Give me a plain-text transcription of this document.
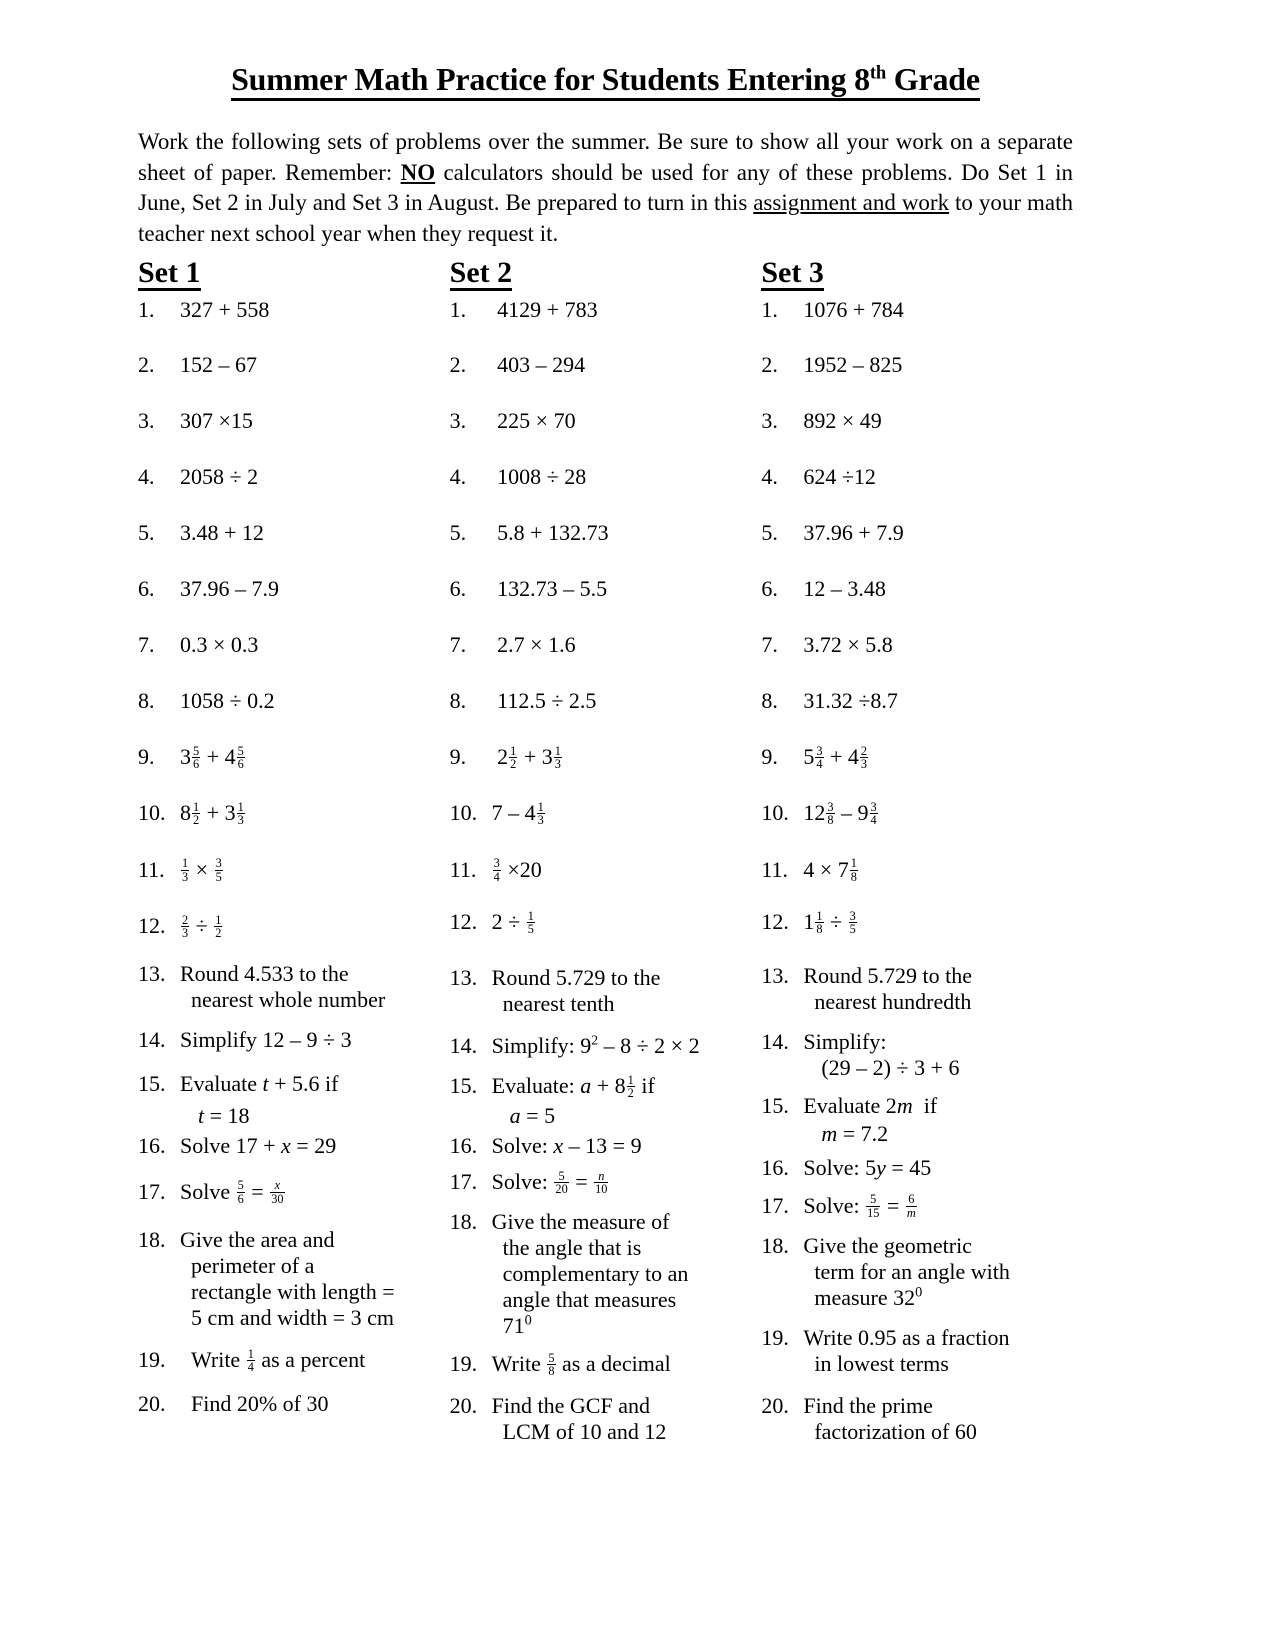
Summer Math Practice for Students Entering 8th Grade

Work the following sets of problems over the summer. Be sure to show all your work on a separate sheet of paper. Remember: NO calculators should be used for any of these problems. Do Set 1 in June, Set 2 in July and Set 3 in August. Be prepared to turn in this assignment and work to your math teacher next school year when they request it.

Set 1
1.	327 + 558
2.	152 – 67
3.	307 ×15
4.	2058 ÷ 2
5.	3.48 + 12
6.	37.96 – 7.9
7.	0.3 × 0.3
8.	1058 ÷ 0.2
9.	$3 \frac{5}{6} + 4 \frac{5}{6}$
10. $8 \frac{1}{2} + 3 \frac{1}{3}$
11.	$\frac{1}{3} \times \frac{3}{5}$
12.	$\frac{2}{3} \div \frac{1}{2}$
13. Round 4.533 to the
nearest whole number
14. Simplify 12 – 9 ÷ 3
15. Evaluate t + 5.6 if
t = 18
16. Solve 17 + x = 29
17. Solve $\frac{5}{6} = \frac{x}{30}$
18. Give the area and
perimeter of a
rectangle with length =
5 cm and width = 3 cm
19. Write $\frac{1}{4}$ as a percent
20. Find 20% of 30
Set 2
1.	4129 + 783
2.	403 – 294
3.	225 × 70
4.	1008 ÷ 28
5.	5.8 + 132.73
6.	132.73 – 5.5
7.	2.7 × 1.6
8.	112.5 ÷ 2.5
9.	$2 \frac{1}{2} + 3 \frac{1}{3}$
10. $7 - 4 \frac{1}{3}$
11.	$\frac{3}{4} \times 20$
12. $2 \div \frac{1}{5}$
13. Round 5.729 to the
nearest tenth
14. Simplify: $9^2 - 8 \div 2 \times 2$
15. Evaluate: $a + 8 \frac{1}{2}$ if
a = 5
16. Solve: x – 13 = 9
17. Solve: $\frac{5}{20} = \frac{n}{10}$
18. Give the measure of
the angle that is
complementary to an
angle that measures
$71^0$
19. Write $\frac{5}{8}$ as a decimal
20. Find the GCF and
LCM of 10 and 12
Set 3
1.	1076 + 784
2.	1952 – 825
3.	892 × 49
4.	624 ÷12
5.	37.96 + 7.9
6.	12 – 3.48
7.	3.72 × 5.8
8.	31.32 ÷8.7
9.	$5 \frac{3}{4} + 4 \frac{2}{3}$
10. $12 \frac{3}{8} - 9 \frac{3}{4}$
11. $4 \times 7 \frac{1}{8}$
12. $1 \frac{1}{8} \div \frac{3}{5}$
13. Round 5.729 to the
nearest hundredth
14. Simplify:
(29 – 2) ÷ 3 + 6
15. Evaluate 2m  if
m = 7.2
16. Solve: 5y = 45
17. Solve: $\frac{5}{15} = \frac{6}{m}$
18. Give the geometric
term for an angle with
measure $32^0$
19. Write 0.95 as a fraction
in lowest terms
20. Find the prime
factorization of 60
